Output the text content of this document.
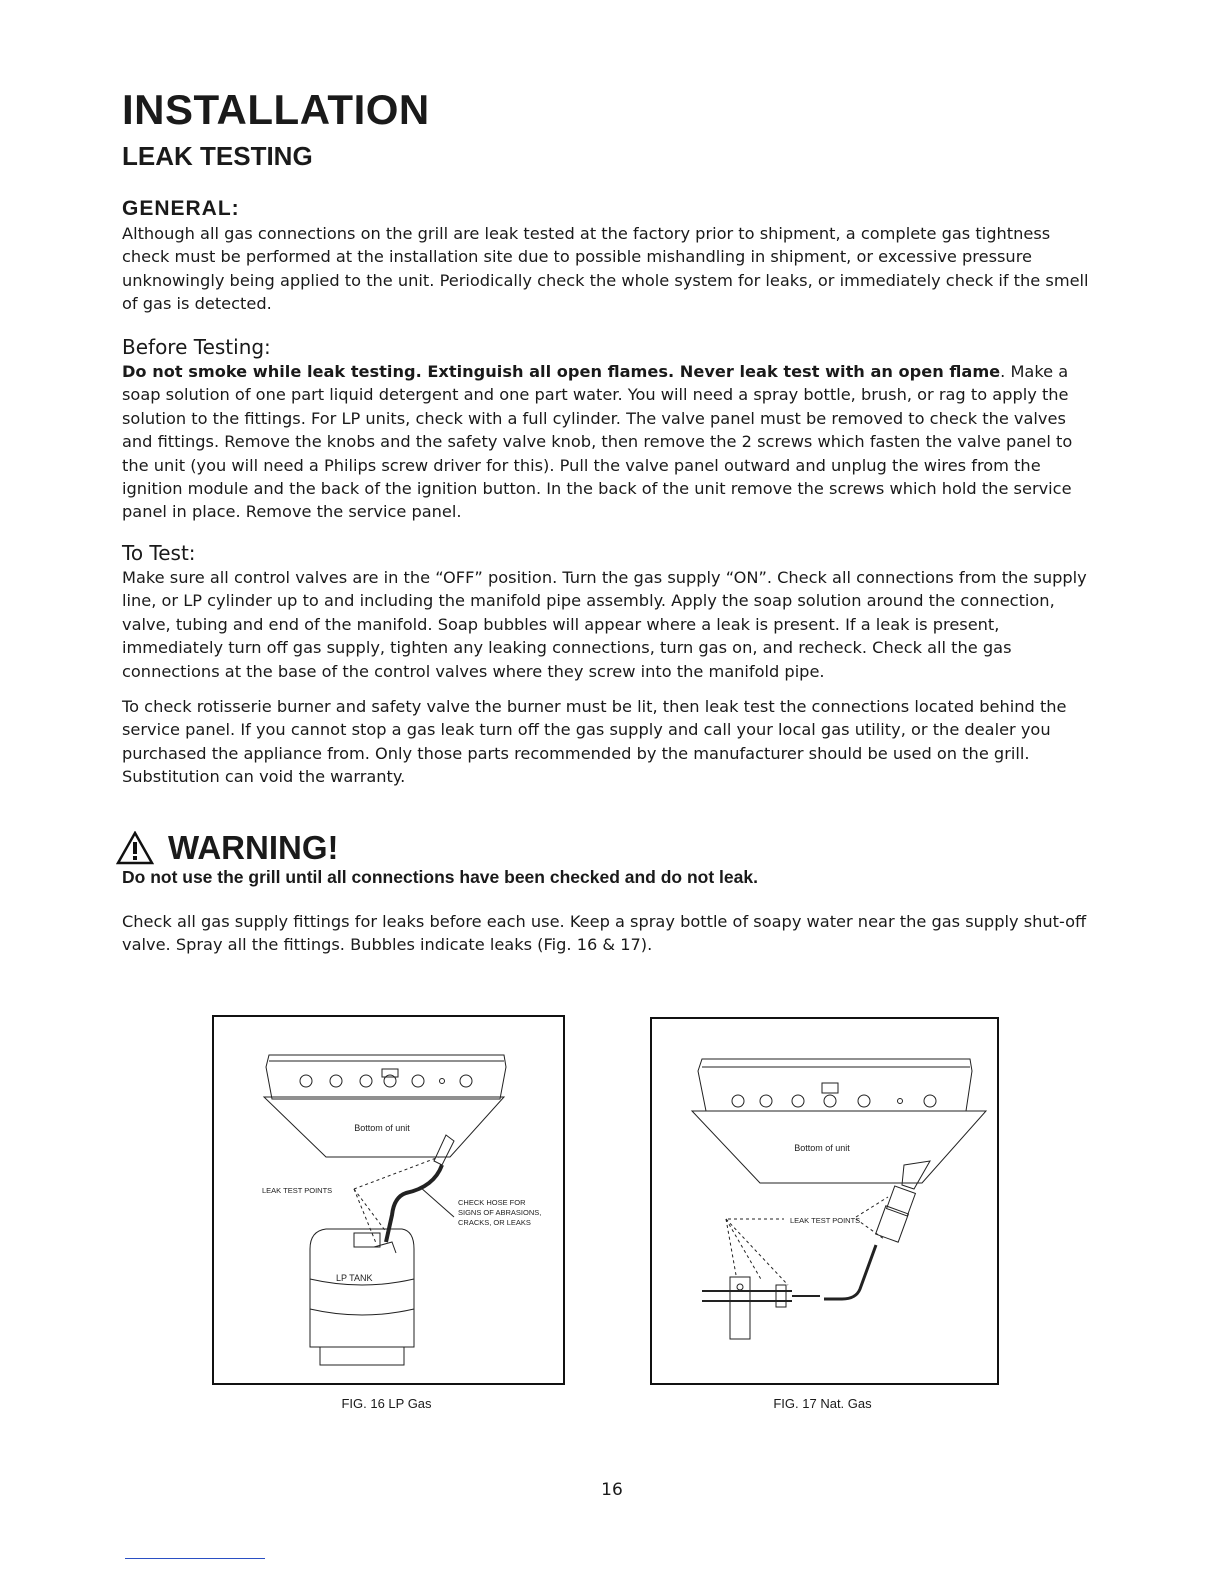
INSTALLATION
LEAK TESTING

GENERAL:

Although all gas connections on the grill are leak tested at the factory prior to shipment, a complete gas tightness check must be performed at the installation site due to possible mishandling in shipment, or excessive pressure unknowingly being applied to the unit. Periodically check the whole system for leaks, or immediately check if the smell of gas is detected.

Before Testing:

Do not smoke while leak testing. Extinguish all open flames. Never leak test with an open flame. Make a soap solution of one part liquid detergent and one part water. You will need a spray bottle, brush, or rag to apply the solution to the fittings. For LP units, check with a full cylinder. The valve panel must be removed to check the valves and fittings. Remove the knobs and the safety valve knob, then remove the 2 screws which fasten the valve panel to the unit (you will need a Philips screw driver for this). Pull the valve panel outward and unplug the wires from the ignition module and the back of the ignition button. In the back of the unit remove the screws which hold the service panel in place. Remove the service panel.

To Test:

Make sure all control valves are in the “OFF” position. Turn the gas supply “ON”. Check all connections from the supply line, or LP cylinder up to and including the manifold pipe assembly. Apply the soap solution around the connection, valve, tubing and end of the manifold. Soap bubbles will appear where a leak is present. If a leak is present, immediately turn off gas supply, tighten any leaking connections, turn gas on, and recheck. Check all the gas connections at the base of the control valves where they screw into the manifold pipe.

To check rotisserie burner and safety valve the burner must be lit, then leak test the connections located behind the service panel. If you cannot stop a gas leak turn off the gas supply and call your local gas utility, or the dealer you purchased the appliance from. Only those parts recommended by the manufacturer should be used on the grill. Substitution can void the warranty.

WARNING!
Do not use the grill until all connections have been checked and do not leak.
Check all gas supply fittings for leaks before each use. Keep a spray bottle of soapy water near the gas supply shut-off valve. Spray all the fittings. Bubbles indicate leaks (Fig. 16 & 17).
Bottom of unit
LEAK TEST POINTS
CHECK HOSE FOR
SIGNS OF ABRASIONS,
CRACKS, OR LEAKS
LP TANK
FIG. 16 LP Gas
Bottom of unit
LEAK TEST POINTS
FIG. 17 Nat. Gas
16
